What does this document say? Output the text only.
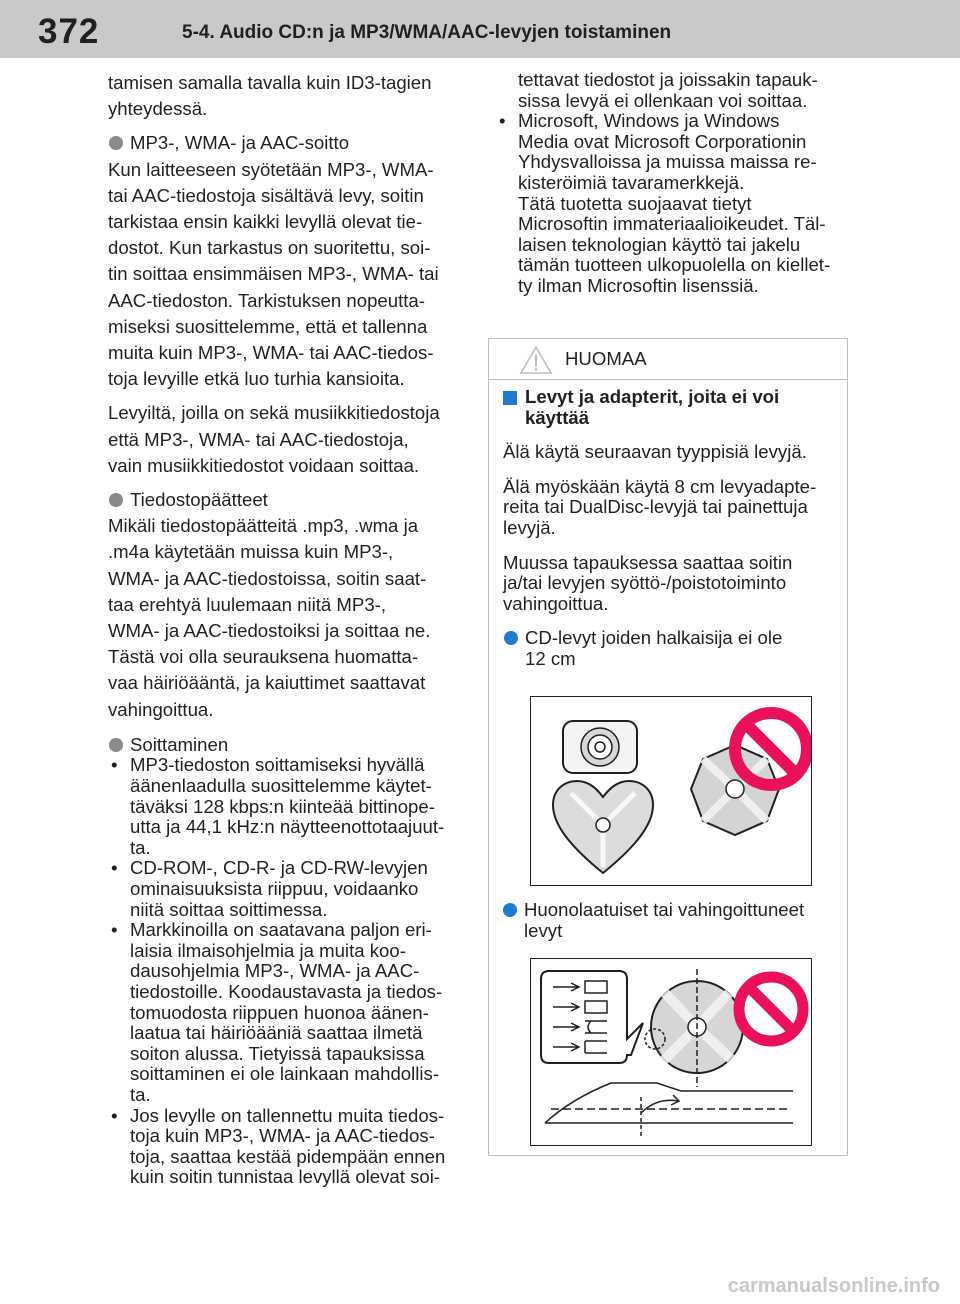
372	5-4. Audio CD:n ja MP3/WMA/AAC-levyjen toistaminen

tamisen samalla tavalla kuin ID3-tagien

yhteydessä.

MP3-, WMA- ja AAC-soitto

Kun laitteeseen syötetään MP3-, WMA-

tai AAC-tiedostoja sisältävä levy, soitin

tarkistaa ensin kaikki levyllä olevat tie-

dostot. Kun tarkastus on suoritettu, soi-

tin soittaa ensimmäisen MP3-, WMA- tai

AAC-tiedoston. Tarkistuksen nopeutta-

miseksi suosittelemme, että et tallenna

muita kuin MP3-, WMA- tai AAC-tiedos-

toja levyille etkä luo turhia kansioita.

Levyiltä, joilla on sekä musiikkitiedostoja

että MP3-, WMA- tai AAC-tiedostoja,

vain musiikkitiedostot voidaan soittaa.

Tiedostopäätteet

Mikäli tiedostopäätteitä .mp3, .wma ja

.m4a käytetään muissa kuin MP3-,

WMA- ja AAC-tiedostoissa, soitin saat-

taa erehtyä luulemaan niitä MP3-,

WMA- ja AAC-tiedostoiksi ja soittaa ne.

Tästä voi olla seurauksena huomatta-

vaa häiriöääntä, ja kaiuttimet saattavat

vahingoittua.

Soittaminen
• MP3-tiedoston soittamiseksi hyvällä

äänenlaadulla suosittelemme käytet-

täväksi 128 kbps:n kiinteää bittinope-

utta ja 44,1 kHz:n näytteenottotaajuut-

ta.

• CD-ROM-, CD-R- ja CD-RW-levyjen

ominaisuuksista riippuu, voidaanko

niitä soittaa soittimessa.

• Markkinoilla on saatavana paljon eri-

laisia ilmaisohjelmia ja muita koo-

dausohjelmia MP3-, WMA- ja AAC-

tiedostoille. Koodaustavasta ja tiedos-

tomuodosta riippuen huonoa äänen-

laatua tai häiriöääniä saattaa ilmetä

soiton alussa. Tietyissä tapauksissa

soittaminen ei ole lainkaan mahdollis-

ta.

• Jos levylle on tallennettu muita tiedos-

toja kuin MP3-, WMA- ja AAC-tiedos-

toja, saattaa kestää pidempään ennen

kuin soitin tunnistaa levyllä olevat soi-

tettavat tiedostot ja joissakin tapauk-

sissa levyä ei ollenkaan voi soittaa.

• Microsoft, Windows ja Windows

Media ovat Microsoft Corporationin

Yhdysvalloissa ja muissa maissa re-

kisteröimiä tavaramerkkejä.

Tätä tuotetta suojaavat tietyt

Microsoftin immateriaalioikeudet. Täl-

laisen teknologian käyttö tai jakelu

tämän tuotteen ulkopuolella on kiellet-

ty ilman Microsoftin lisenssiä.

HUOMAA

Levyt ja adapterit, joita ei voi

käyttää

Älä käytä seuraavan tyyppisiä levyjä.

Älä myöskään käytä 8 cm levyadapte-

reita tai DualDisc-levyjä tai painettuja

levyjä.

Muussa tapauksessa saattaa soitin

ja/tai levyjen syöttö-/poistotoiminto

vahingoittua.

CD-levyt joiden halkaisija ei ole

12 cm

Huonolaatuiset tai vahingoittuneet

levyt

carmanualsonline.info
